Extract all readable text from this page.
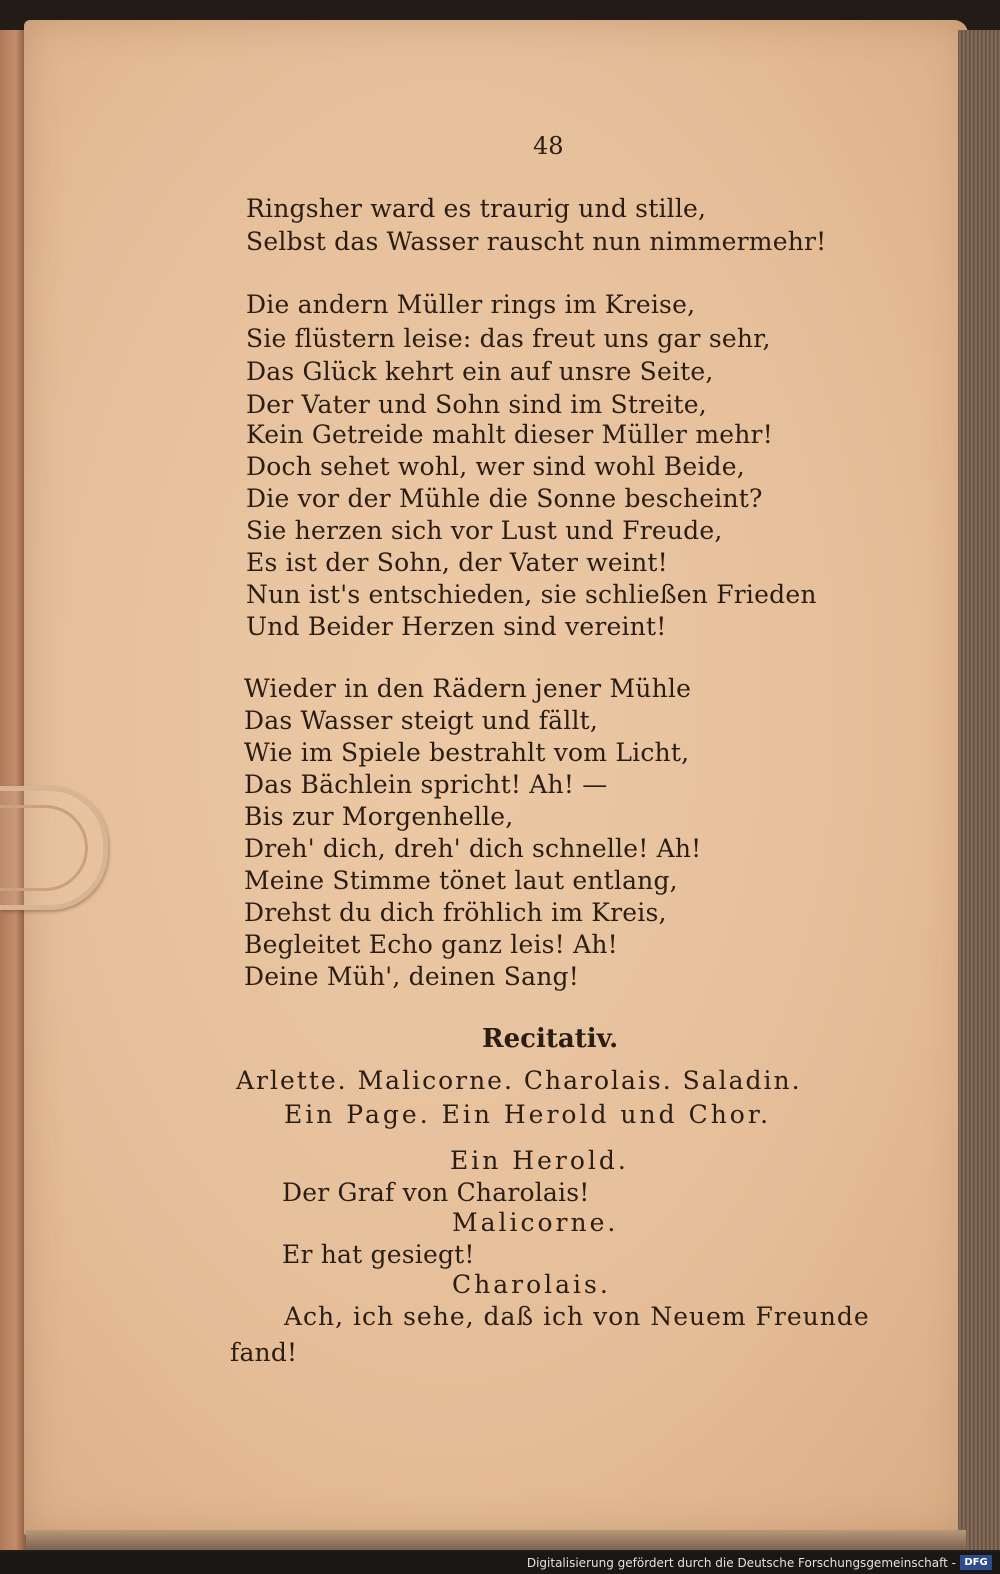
48
Ringsher ward es traurig und stille,
Selbst das Wasser rauscht nun nimmermehr!
Die andern Müller rings im Kreise,
Sie flüstern leise: das freut uns gar sehr,
Das Glück kehrt ein auf unsre Seite,
Der Vater und Sohn sind im Streite,
Kein Getreide mahlt dieser Müller mehr!
Doch sehet wohl, wer sind wohl Beide,
Die vor der Mühle die Sonne bescheint?
Sie herzen sich vor Lust und Freude,
Es ist der Sohn, der Vater weint!
Nun ist's entschieden, sie schließen Frieden
Und Beider Herzen sind vereint!
Wieder in den Rädern jener Mühle
Das Wasser steigt und fällt,
Wie im Spiele bestrahlt vom Licht,
Das Bächlein spricht! Ah! —
Bis zur Morgenhelle,
Dreh' dich, dreh' dich schnelle! Ah!
Meine Stimme tönet laut entlang,
Drehst du dich fröhlich im Kreis,
Begleitet Echo ganz leis! Ah!
Deine Müh', deinen Sang!
Recitativ.
Arlette. Malicorne. Charolais. Saladin.
Ein Page. Ein Herold und Chor.
Ein Herold.
Der Graf von Charolais!
Malicorne.
Er hat gesiegt!
Charolais.
Ach, ich sehe, daß ich von Neuem Freunde
fand!
Digitalisierung gefördert durch die Deutsche Forschungsgemeinschaft - DFG
